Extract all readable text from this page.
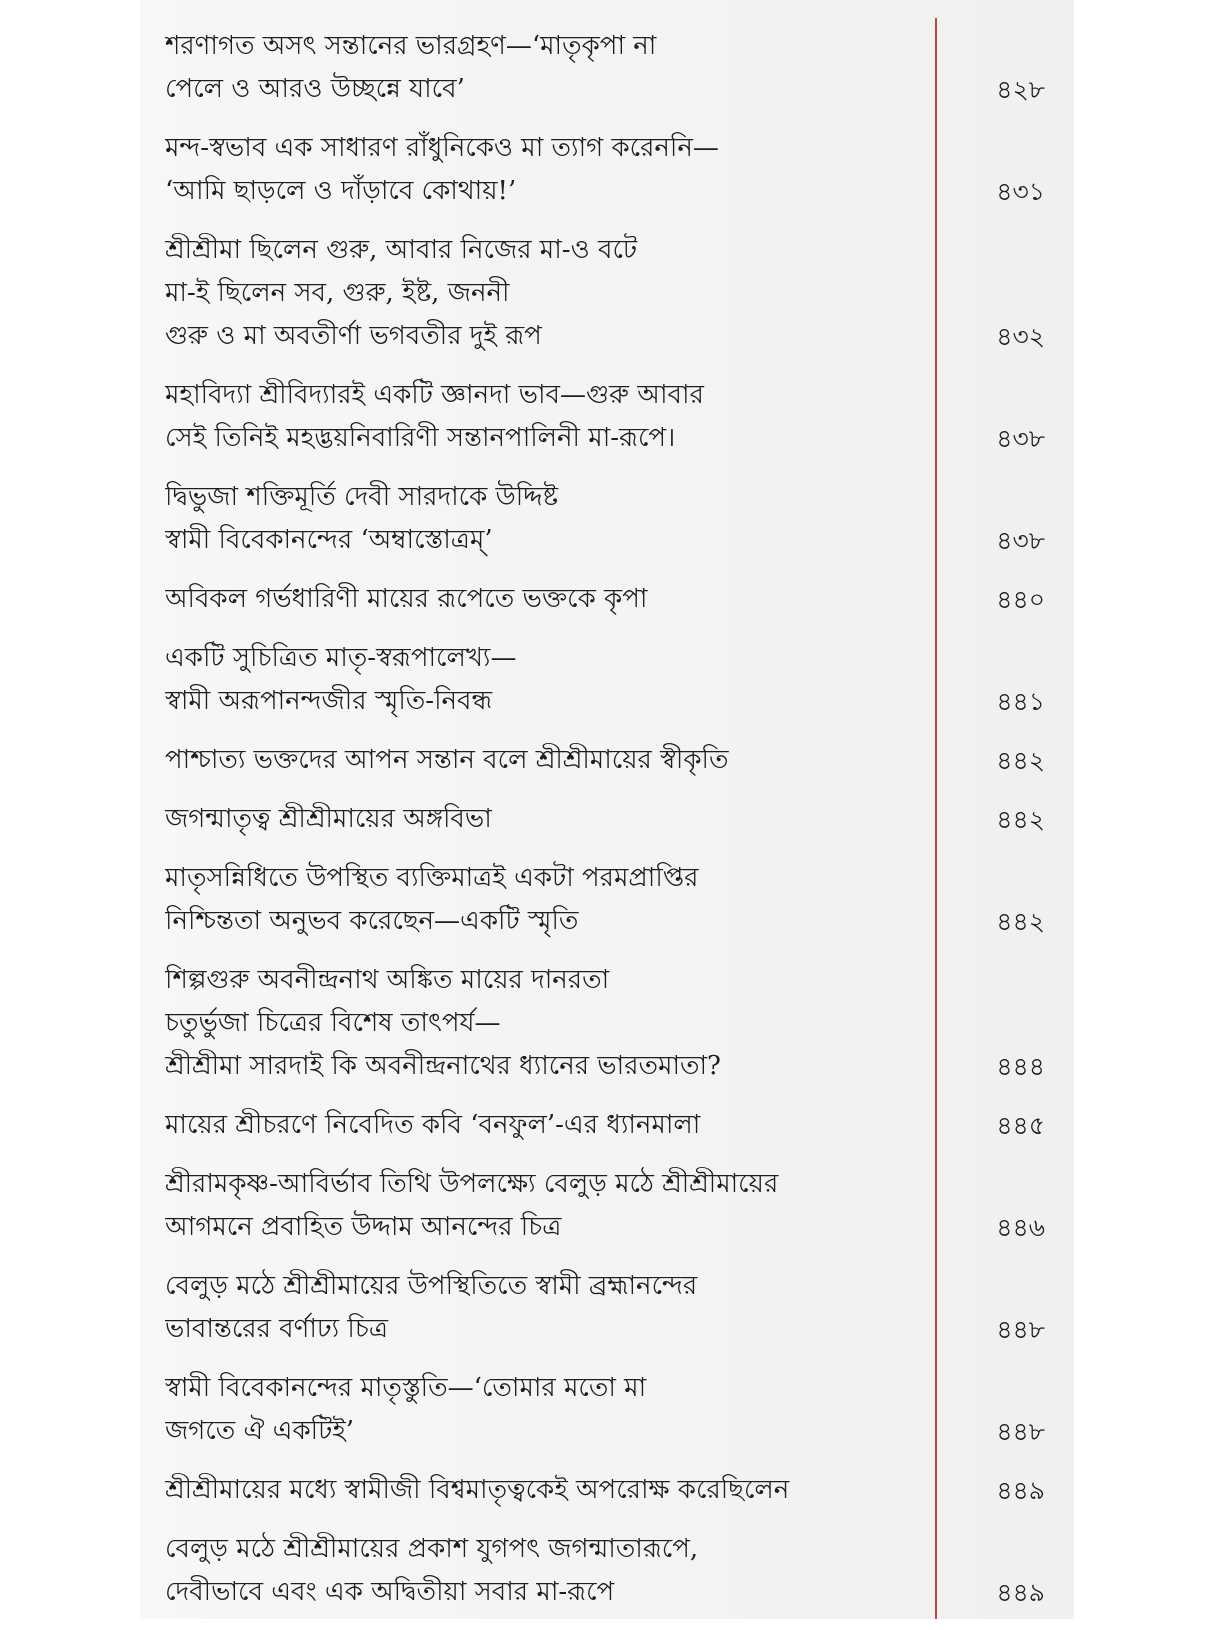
শরণাগত অসৎ সন্তানের ভারগ্রহণ—‘মাতৃকৃপা না
পেলে ও আরও উচ্ছন্নে যাবে’	৪২৮
মন্দ-স্বভাব এক সাধারণ রাঁধুনিকেও মা ত্যাগ করেননি—
‘আমি ছাড়লে ও দাঁড়াবে কোথায়!’	৪৩১
শ্রীশ্রীমা ছিলেন গুরু, আবার নিজের মা-ও বটে
মা-ই ছিলেন সব, গুরু, ইষ্ট, জননী
গুরু ও মা অবতীর্ণা ভগবতীর দুই রূপ	৪৩২
মহাবিদ্যা শ্রীবিদ্যারই একটি জ্ঞানদা ভাব—গুরু আবার
সেই তিনিই মহদ্ভয়নিবারিণী সন্তানপালিনী মা-রূপে।	৪৩৮
দ্বিভুজা শক্তিমূর্তি দেবী সারদাকে উদ্দিষ্ট
স্বামী বিবেকানন্দের ‘অম্বাস্তোত্রম্’	৪৩৮
অবিকল গর্ভধারিণী মায়ের রূপেতে ভক্তকে কৃপা	৪৪০
একটি সুচিত্রিত মাতৃ-স্বরূপালেখ্য—
স্বামী অরূপানন্দজীর স্মৃতি-নিবন্ধ	৪৪১
পাশ্চাত্য ভক্তদের আপন সন্তান বলে শ্রীশ্রীমায়ের স্বীকৃতি	৪৪২
জগন্মাতৃত্ব শ্রীশ্রীমায়ের অঙ্গবিভা	৪৪২
মাতৃসন্নিধিতে উপস্থিত ব্যক্তিমাত্রই একটা পরমপ্রাপ্তির
নিশ্চিন্ততা অনুভব করেছেন—একটি স্মৃতি	৪৪২
শিল্পগুরু অবনীন্দ্রনাথ অঙ্কিত মায়ের দানরতা
চতুর্ভুজা চিত্রের বিশেষ তাৎপর্য—
শ্রীশ্রীমা সারদাই কি অবনীন্দ্রনাথের ধ্যানের ভারতমাতা?	৪৪৪
মায়ের শ্রীচরণে নিবেদিত কবি ‘বনফুল’-এর ধ্যানমালা	৪৪৫
শ্রীরামকৃষ্ণ-আবির্ভাব তিথি উপলক্ষ্যে বেলুড় মঠে শ্রীশ্রীমায়ের
আগমনে প্রবাহিত উদ্দাম আনন্দের চিত্র	৪৪৬
বেলুড় মঠে শ্রীশ্রীমায়ের উপস্থিতিতে স্বামী ব্রহ্মানন্দের
ভাবান্তরের বর্ণাঢ্য চিত্র	৪৪৮
স্বামী বিবেকানন্দের মাতৃস্তুতি—‘তোমার মতো মা
জগতে ঐ একটিই’	৪৪৮
শ্রীশ্রীমায়ের মধ্যে স্বামীজী বিশ্বমাতৃত্বকেই অপরোক্ষ করেছিলেন	৪৪৯
বেলুড় মঠে শ্রীশ্রীমায়ের প্রকাশ যুগপৎ জগন্মাতারূপে,
দেবীভাবে এবং এক অদ্বিতীয়া সবার মা-রূপে	৪৪৯
